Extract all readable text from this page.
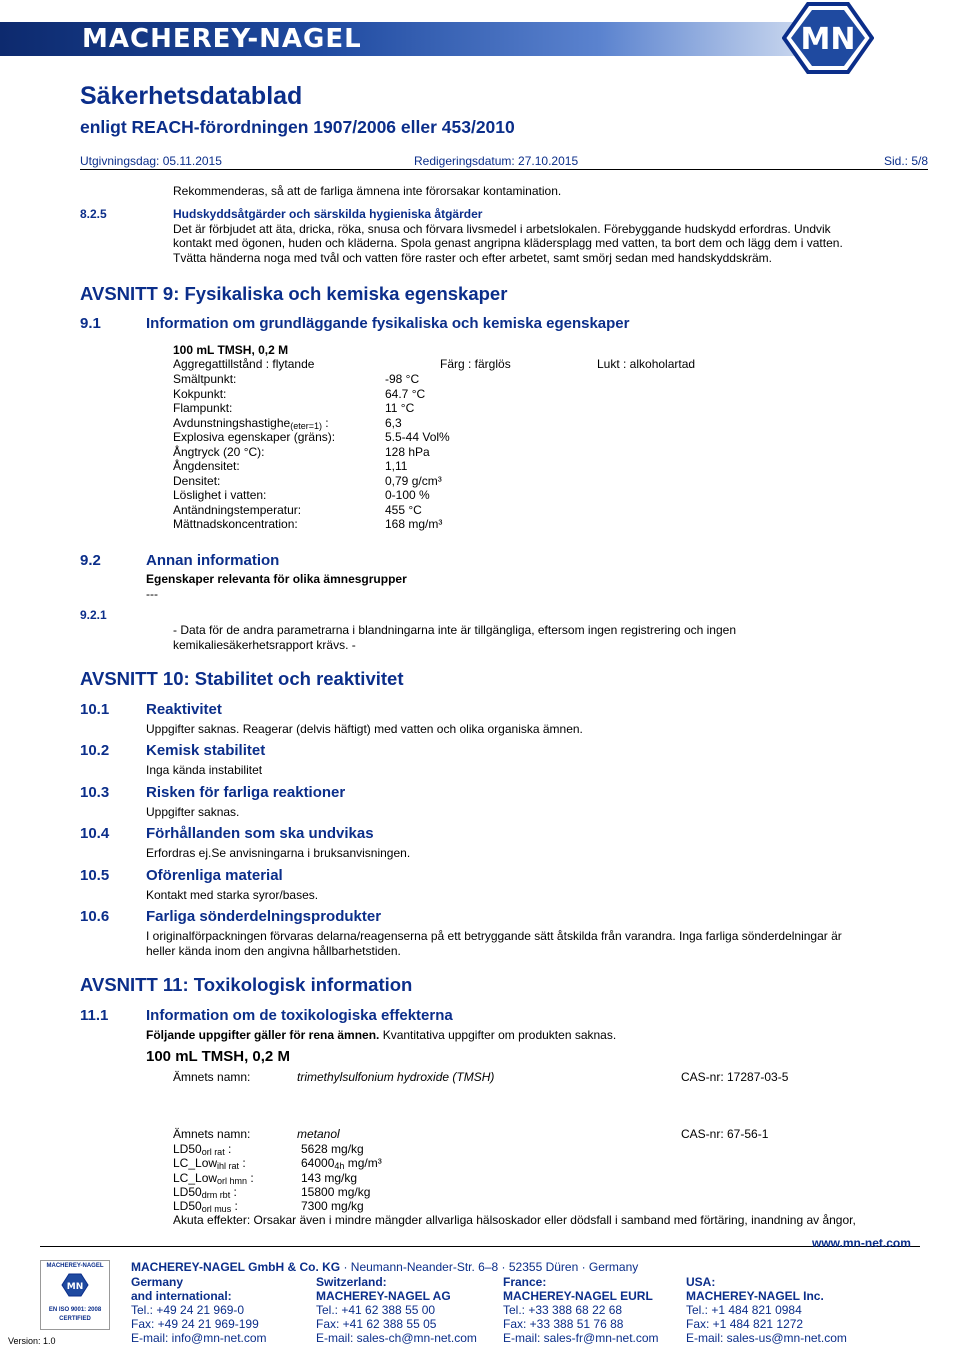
MACHEREY-NAGEL	MN
Säkerhetsdatablad
enligt REACH-förordningen 1907/2006 eller 453/2010
Utgivningsdag: 05.11.2015	Redigeringsdatum: 27.10.2015	Sid.: 5/8
Rekommenderas, så att de farliga ämnena inte förorsakar kontamination.
8.2.5	Hudskyddsåtgärder och särskilda hygieniska åtgärder
Det är förbjudet att äta, dricka, röka, snusa och förvara livsmedel i arbetslokalen. Förebyggande hudskydd erfordras. Undvik
kontakt med ögonen, huden och kläderna. Spola genast angripna klädersplagg med vatten, ta bort dem och lägg dem i vatten.
Tvätta händerna noga med tvål och vatten före raster och efter arbetet, samt smörj sedan med handskyddskräm.
AVSNITT 9: Fysikaliska och kemiska egenskaper
9.1	Information om grundläggande fysikaliska och kemiska egenskaper
100 mL TMSH, 0,2 M
Aggregattillstånd : flytande	Färg : färglös	Lukt : alkoholartad
Smältpunkt:	-98 °C
Kokpunkt:	64.7 °C
Flampunkt:	11 °C
Avdunstningshastighe$_{(eter=1)}$ :	6,3
Explosiva egenskaper (gräns):	5.5-44 Vol%
Ångtryck (20 °C):	128 hPa
Ångdensitet:	1,11
Densitet:	0,79 g/cm³
Löslighet i vatten:	0-100 %
Antändningstemperatur:	455 °C
Mättnadskoncentration:	168 mg/m³
9.2	Annan information
Egenskaper relevanta för olika ämnesgrupper
---
9.2.1
- Data för de andra parametrarna i blandningarna inte är tillgängliga, eftersom ingen registrering och ingen
kemikaliesäkerhetsrapport krävs. -
AVSNITT 10: Stabilitet och reaktivitet
10.1 Reaktivitet
Uppgifter saknas. Reagerar (delvis häftigt) med vatten och olika organiska ämnen.
10.2 Kemisk stabilitet
Inga kända instabilitet
10.3 Risken för farliga reaktioner
Uppgifter saknas.
10.4 Förhållanden som ska undvikas
Erfordras ej.Se anvisningarna i bruksanvisningen.
10.5 Oförenliga material
Kontakt med starka syror/bases.
10.6 Farliga sönderdelningsprodukter
I originalförpackningen förvaras delarna/reagenserna på ett betryggande sätt åtskilda från varandra. Inga farliga sönderdelningar är
heller kända inom den angivna hållbarhetstiden.
AVSNITT 11: Toxikologisk information
11.1	Information om de toxikologiska effekterna
Följande uppgifter gäller för rena ämnen. Kvantitativa uppgifter om produkten saknas.
100 mL TMSH, 0,2 M
Ämnets namn:	trimethylsulfonium hydroxide (TMSH)	CAS-nr: 17287-03-5
Ämnets namn:	metanol	CAS-nr: 67-56-1
$LD50_{orl rat}$ :	5628 mg/kg
LC_Low$_{ihl rat}$ :	$64000_{4h}$ mg/m³
LC_Low$_{orl hmn}$ :	143 mg/kg
$LD50_{drm rbt}$ :	15800 mg/kg
$LD50_{orl mus}$ :	7300 mg/kg
Akuta effekter: Orsakar även i mindre mängder allvarliga hälsoskador eller dödsfall i samband med förtäring, inandning av ångor,
MACHEREY-NAGEL GmbH & Co. KG · Neumann-Neander-Str. 6–8 · 52355 Düren · Germany
www.mn-net.com
MACHEREY-NAGEL
MN
EN ISO 9001: 2008
CERTIFIED
Version: 1.0
Germany
and international:
Tel.: +49 24 21 969-0
Fax: +49 24 21 969-199
E-mail: info@mn-net.com
Switzerland:
MACHEREY-NAGEL AG
Tel.: +41 62 388 55 00
Fax: +41 62 388 55 05
E-mail: sales-ch@mn-net.com
France:
MACHEREY-NAGEL EURL
Tel.: +33 388 68 22 68
Fax: +33 388 51 76 88
E-mail: sales-fr@mn-net.com
USA:
MACHEREY-NAGEL Inc.
Tel.: +1 484 821 0984
Fax: +1 484 821 1272
E-mail: sales-us@mn-net.com
